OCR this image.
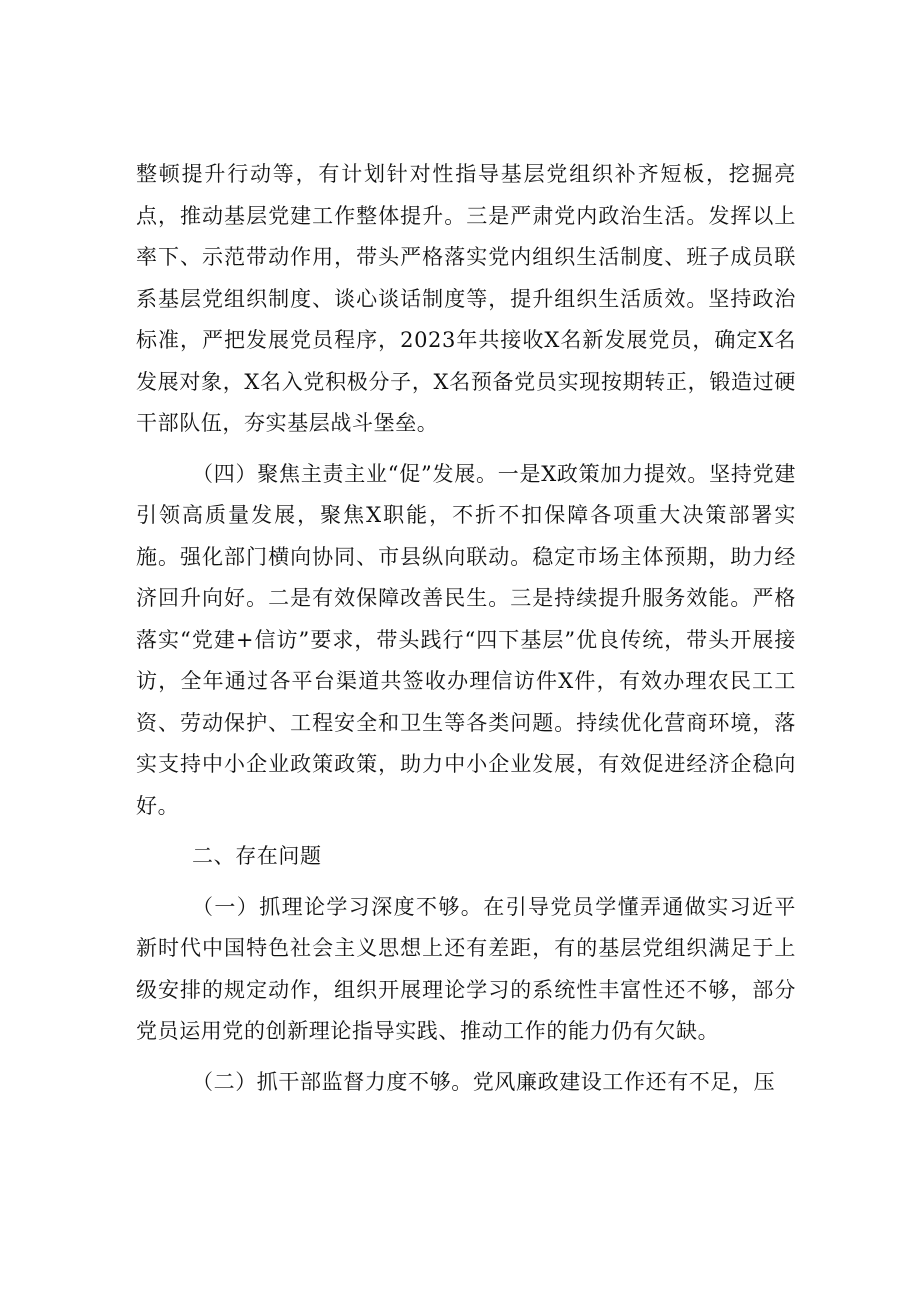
整顿提升行动等，有计划针对性指导基层党组织补齐短板，挖掘亮点，推动基层党建工作整体提升。三是严肃党内政治生活。发挥以上率下、示范带动作用，带头严格落实党内组织生活制度、班子成员联系基层党组织制度、谈心谈话制度等，提升组织生活质效。坚持政治标准，严把发展党员程序，2023年共接收X名新发展党员，确定X名发展对象，X名入党积极分子，X名预备党员实现按期转正，锻造过硬干部队伍，夯实基层战斗堡垒。

（四）聚焦主责主业“促”发展。一是X政策加力提效。坚持党建引领高质量发展，聚焦X职能，不折不扣保障各项重大决策部署实施。强化部门横向协同、市县纵向联动。稳定市场主体预期，助力经济回升向好。二是有效保障改善民生。三是持续提升服务效能。严格落实“党建+信访”要求，带头践行“四下基层”优良传统，带头开展接访，全年通过各平台渠道共签收办理信访件X件，有效办理农民工工资、劳动保护、工程安全和卫生等各类问题。持续优化营商环境，落实支持中小企业政策政策，助力中小企业发展，有效促进经济企稳向好。

二、存在问题

（一）抓理论学习深度不够。在引导党员学懂弄通做实习近平新时代中国特色社会主义思想上还有差距，有的基层党组织满足于上级安排的规定动作，组织开展理论学习的系统性丰富性还不够，部分党员运用党的创新理论指导实践、推动工作的能力仍有欠缺。

（二）抓干部监督力度不够。党风廉政建设工作还有不足，压
